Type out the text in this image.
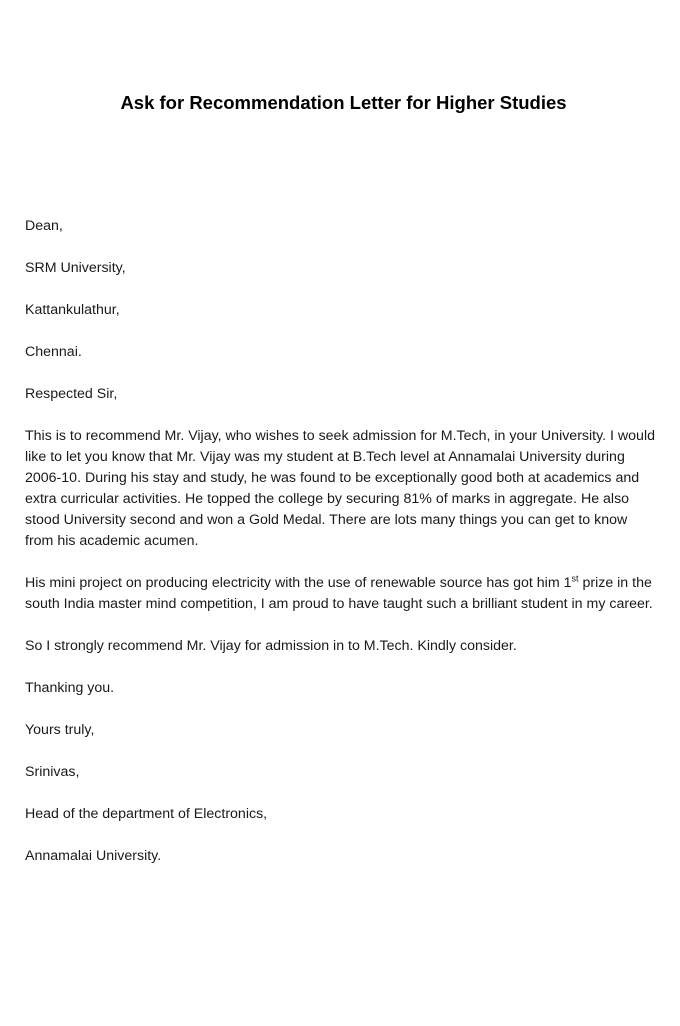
Ask for Recommendation Letter for Higher Studies

Dean,

SRM University,

Kattankulathur,

Chennai.

Respected Sir,

This is to recommend Mr. Vijay, who wishes to seek admission for M.Tech, in your University. I would like to let you know that Mr. Vijay was my student at B.Tech level at Annamalai University during 2006-10. During his stay and study, he was found to be exceptionally good both at academics and extra curricular activities. He topped the college by securing 81% of marks in aggregate. He also stood University second and won a Gold Medal. There are lots many things you can get to know from his academic acumen.

His mini project on producing electricity with the use of renewable source has got him 1st prize in the south India master mind competition, I am proud to have taught such a brilliant student in my career.

So I strongly recommend Mr. Vijay for admission in to M.Tech. Kindly consider.

Thanking you.

Yours truly,

Srinivas,

Head of the department of Electronics,

Annamalai University.
